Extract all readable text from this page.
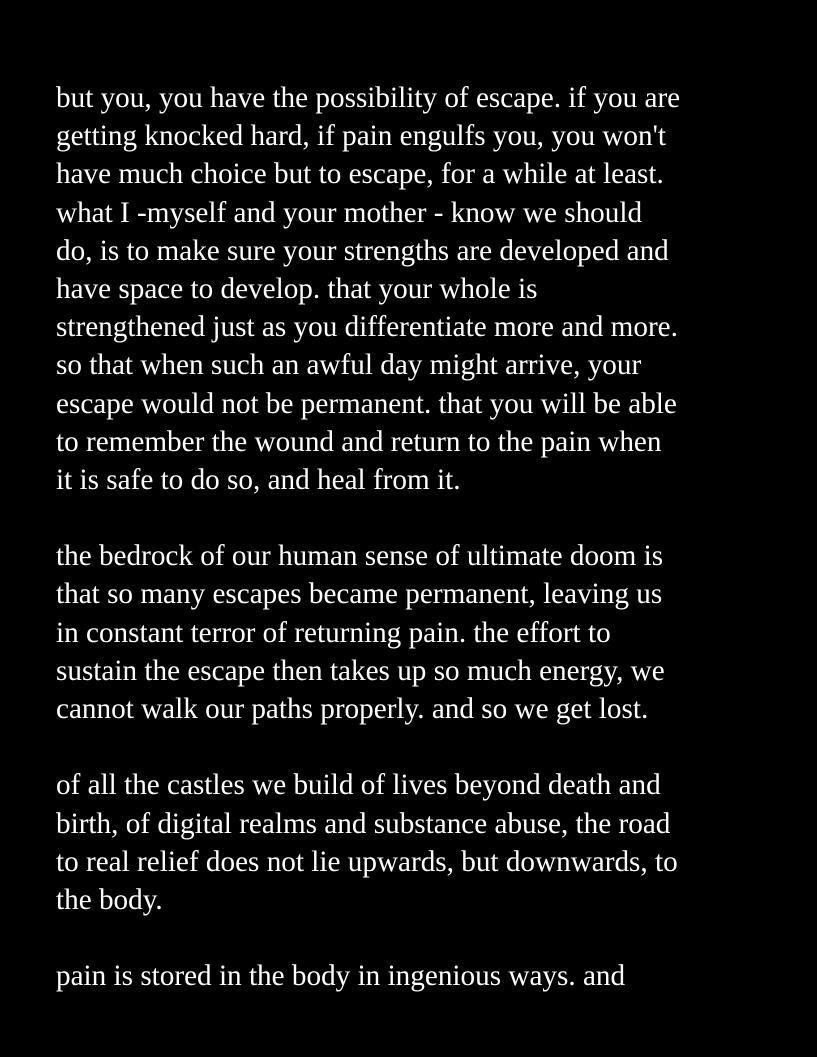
but you, you have the possibility of escape. if you are
getting knocked hard, if pain engulfs you, you won't
have much choice but to escape, for a while at least.
what I -myself and your mother - know we should
do, is to make sure your strengths are developed and
have space to develop. that your whole is
strengthened just as you differentiate more and more.
so that when such an awful day might arrive, your
escape would not be permanent. that you will be able
to remember the wound and return to the pain when
it is safe to do so, and heal from it.
the bedrock of our human sense of ultimate doom is
that so many escapes became permanent, leaving us
in constant terror of returning pain. the effort to
sustain the escape then takes up so much energy, we
cannot walk our paths properly. and so we get lost.
of all the castles we build of lives beyond death and
birth, of digital realms and substance abuse, the road
to real relief does not lie upwards, but downwards, to
the body.
pain is stored in the body in ingenious ways. and
